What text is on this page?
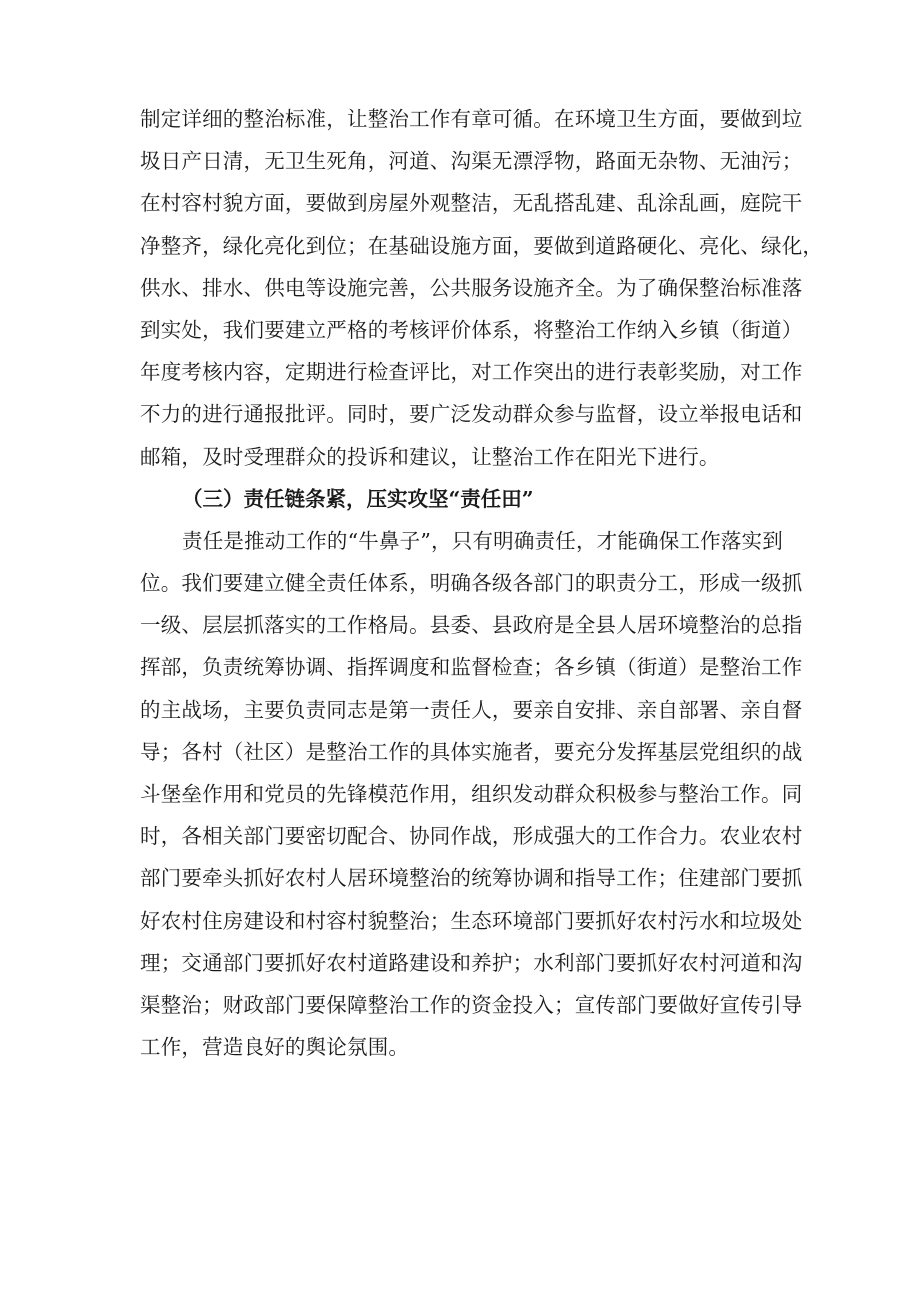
制定详细的整治标准，让整治工作有章可循。在环境卫生方面，要做到垃
圾日产日清，无卫生死角，河道、沟渠无漂浮物，路面无杂物、无油污；
在村容村貌方面，要做到房屋外观整洁，无乱搭乱建、乱涂乱画，庭院干
净整齐，绿化亮化到位；在基础设施方面，要做到道路硬化、亮化、绿化，
供水、排水、供电等设施完善，公共服务设施齐全。为了确保整治标准落
到实处，我们要建立严格的考核评价体系，将整治工作纳入乡镇（街道）
年度考核内容，定期进行检查评比，对工作突出的进行表彰奖励，对工作
不力的进行通报批评。同时，要广泛发动群众参与监督，设立举报电话和
邮箱，及时受理群众的投诉和建议，让整治工作在阳光下进行。
（三）责任链条紧，压实攻坚“责任田”
责任是推动工作的“牛鼻子”，只有明确责任，才能确保工作落实到
位。我们要建立健全责任体系，明确各级各部门的职责分工，形成一级抓
一级、层层抓落实的工作格局。县委、县政府是全县人居环境整治的总指
挥部，负责统筹协调、指挥调度和监督检查；各乡镇（街道）是整治工作
的主战场，主要负责同志是第一责任人，要亲自安排、亲自部署、亲自督
导；各村（社区）是整治工作的具体实施者，要充分发挥基层党组织的战
斗堡垒作用和党员的先锋模范作用，组织发动群众积极参与整治工作。同
时，各相关部门要密切配合、协同作战，形成强大的工作合力。农业农村
部门要牵头抓好农村人居环境整治的统筹协调和指导工作；住建部门要抓
好农村住房建设和村容村貌整治；生态环境部门要抓好农村污水和垃圾处
理；交通部门要抓好农村道路建设和养护；水利部门要抓好农村河道和沟
渠整治；财政部门要保障整治工作的资金投入；宣传部门要做好宣传引导
工作，营造良好的舆论氛围。
